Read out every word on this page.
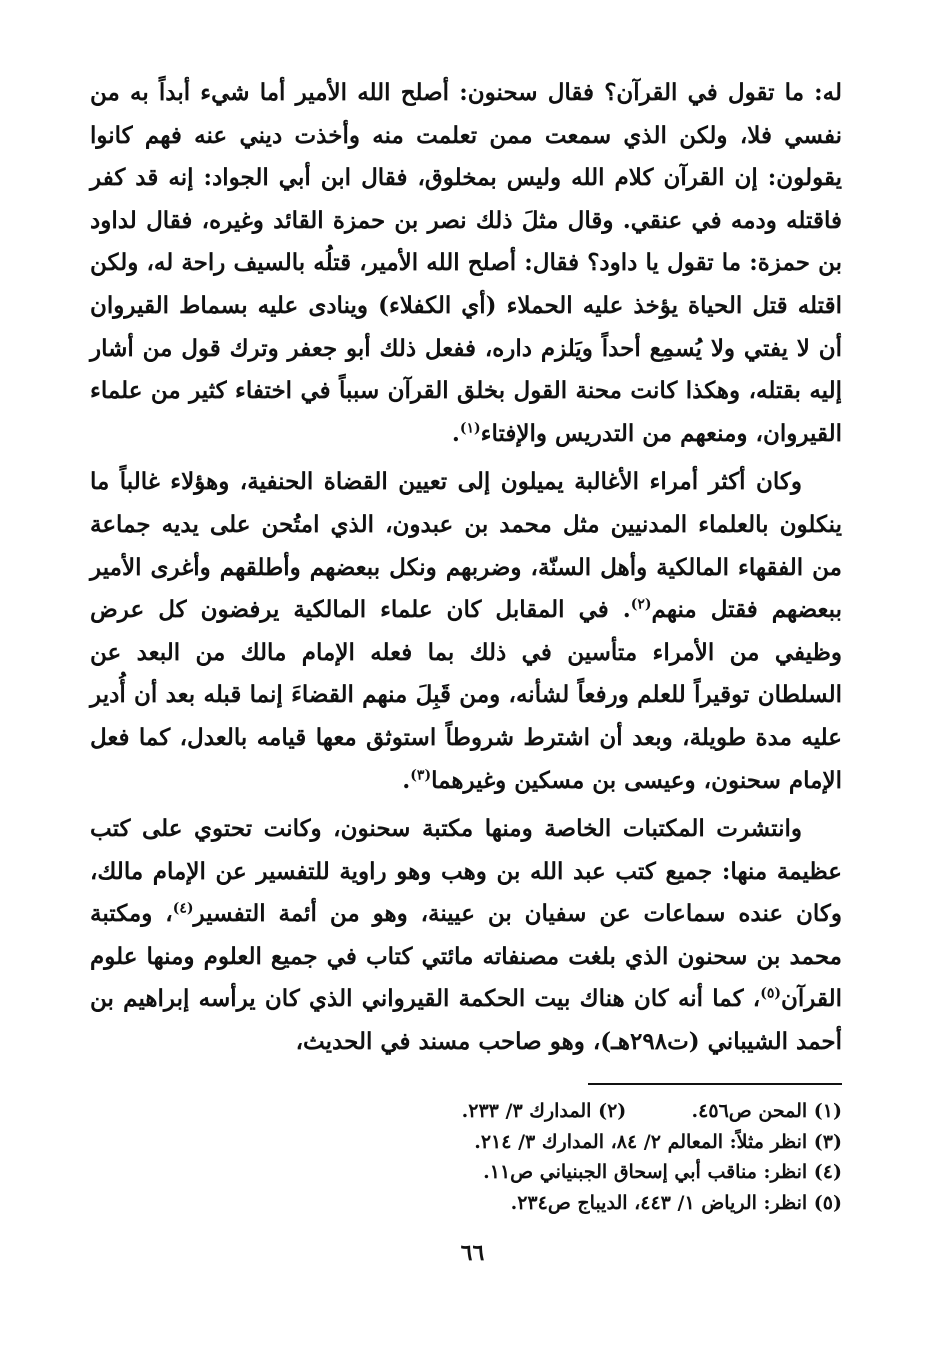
له: ما تقول في القرآن؟ فقال سحنون: أصلح الله الأمير أما شيء أبداً به من نفسي فلا، ولكن الذي سمعت ممن تعلمت منه وأخذت ديني عنه فهم كانوا يقولون: إن القرآن كلام الله وليس بمخلوق، فقال ابن أبي الجواد: إنه قد كفر فاقتله ودمه في عنقي. وقال مثلَ ذلك نصر بن حمزة القائد وغيره، فقال لداود بن حمزة: ما تقول يا داود؟ فقال: أصلح الله الأمير، قتلُه بالسيف راحة له، ولكن اقتله قتل الحياة يؤخذ عليه الحملاء (أي الكفلاء) وينادى عليه بسماط القيروان أن لا يفتي ولا يُسمِع أحداً ويَلزم داره، ففعل ذلك أبو جعفر وترك قول من أشار إليه بقتله، وهكذا كانت محنة القول بخلق القرآن سبباً في اختفاء كثير من علماء القيروان، ومنعهم من التدريس والإفتاء$^{(١)}$.

وكان أكثر أمراء الأغالبة يميلون إلى تعيين القضاة الحنفية، وهؤلاء غالباً ما ينكلون بالعلماء المدنيين مثل محمد بن عبدون، الذي امتُحن على يديه جماعة من الفقهاء المالكية وأهل السنّة، وضربهم ونكل ببعضهم وأطلقهم وأغرى الأمير ببعضهم فقتل منهم$^{(٢)}$. في المقابل كان علماء المالكية يرفضون كل عرض وظيفي من الأمراء متأسين في ذلك بما فعله الإمام مالك من البعد عن السلطان توقيراً للعلم ورفعاً لشأنه، ومن قَبِلَ منهم القضاءَ إنما قبله بعد أن أُدير عليه مدة طويلة، وبعد أن اشترط شروطاً استوثق معها قيامه بالعدل، كما فعل الإمام سحنون، وعيسى بن مسكين وغيرهما$^{(٣)}$.

وانتشرت المكتبات الخاصة ومنها مكتبة سحنون، وكانت تحتوي على كتب عظيمة منها: جميع كتب عبد الله بن وهب وهو راوية للتفسير عن الإمام مالك، وكان عنده سماعات عن سفيان بن عيينة، وهو من أئمة التفسير$^{(٤)}$، ومكتبة محمد بن سحنون الذي بلغت مصنفاته مائتي كتاب في جميع العلوم ومنها علوم القرآن$^{(٥)}$، كما أنه كان هناك بيت الحكمة القيرواني الذي كان يرأسه إبراهيم بن أحمد الشيباني (ت٢٩٨هـ)، وهو صاحب مسند في الحديث،

(١) المحن ص٤٥٦.  (٢) المدارك ٣/ ٢٣٣.
(٣) انظر مثلاً: المعالم ٢/ ٨٤، المدارك ٣/ ٢١٤.
(٤) انظر: مناقب أبي إسحاق الجبنياني ص١١.
(٥) انظر: الرياض ١/ ٤٤٣، الديباج ص٢٣٤.
٦٦
